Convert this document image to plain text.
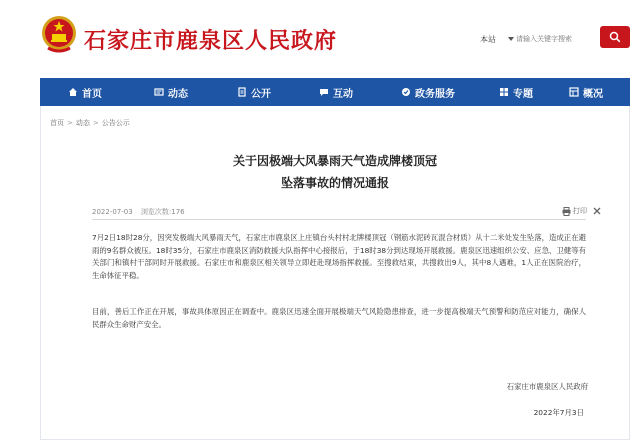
石家庄市鹿泉区人民政府	本站
请输入关键字搜索
首页	动态	公开	互动	政务服务	专题	概况
首页 > 动态 > 公告公示
关于因极端大风暴雨天气造成牌楼顶冠
坠落事故的情况通报
2022-07-03 浏览次数:176	打印

7月2日18时28分，因突发极端大风暴雨天气，石家庄市鹿泉区上庄镇台头村村北牌楼顶冠（钢筋水泥砖瓦混合材质）从十二米处发生坠落，造成正在避雨的9名群众被压。18时35分，石家庄市鹿泉区消防救援大队指挥中心接报后，于18时38分到达现场开展救援。鹿泉区迅速组织公安、应急、卫健等有关部门和镇村干部同时开展救援。石家庄市和鹿泉区相关领导立即赶赴现场指挥救援。至搜救结束，共搜救出9人，其中8人遇难，1人正在医院治疗，生命体征平稳。

目前，善后工作正在开展，事故具体原因正在调查中。鹿泉区迅速全面开展极端天气风险隐患排查，进一步提高极端天气预警和防范应对能力，确保人民群众生命财产安全。

石家庄市鹿泉区人民政府
2022年7月3日
